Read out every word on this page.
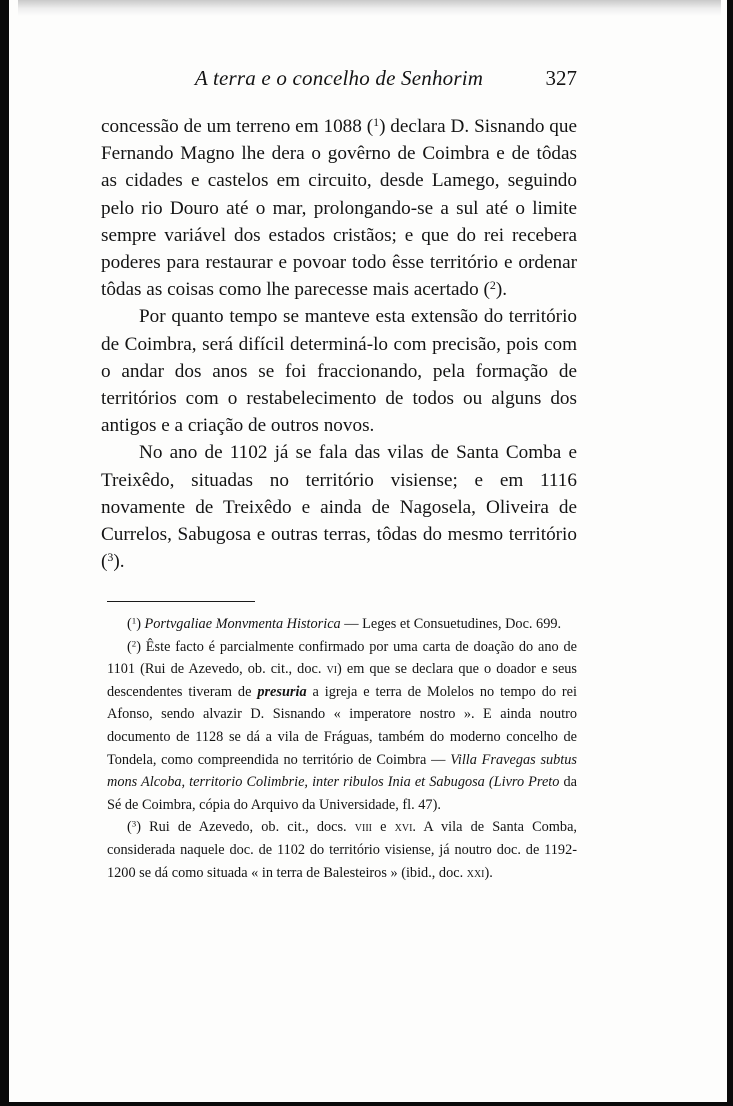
A terra e o concelho de Senhorim	327

concessão de um terreno em 1088 ($^1$) declara D. Sisnando que Fernando Magno lhe dera o govêrno de Coimbra e de tôdas as cidades e castelos em circuito, desde Lamego, seguindo pelo rio Douro até o mar, prolongando-se a sul até o limite sempre variável dos estados cristãos; e que do rei recebera poderes para restaurar e povoar todo êsse território e ordenar tôdas as coisas como lhe parecesse mais acertado ($^2$).

Por quanto tempo se manteve esta extensão do território de Coimbra, será difícil determiná-lo com precisão, pois com o andar dos anos se foi fraccionando, pela formação de territórios com o restabelecimento de todos ou alguns dos antigos e a criação de outros novos.

No ano de 1102 já se fala das vilas de Santa Comba e Treixêdo, situadas no território visiense; e em 1116 novamente de Treixêdo e ainda de Nagosela, Oliveira de Currelos, Sabugosa e outras terras, tôdas do mesmo território ($^3$).

($^1$) Portvgaliae Monvmenta Historica — Leges et Consuetudines, Doc. 699.

($^2$) Êste facto é parcialmente confirmado por uma carta de doação do ano de 1101 (Rui de Azevedo, ob. cit., doc. vi) em que se declara que o doador e seus descendentes tiveram de presuria a igreja e terra de Molelos no tempo do rei Afonso, sendo alvazir D. Sisnando « imperatore nostro ». E ainda noutro documento de 1128 se dá a vila de Fráguas, também do moderno concelho de Tondela, como compreendida no território de Coimbra — Villa Fravegas subtus mons Alcoba, territorio Colimbrie, inter ribulos Inia et Sabugosa (Livro Preto da Sé de Coimbra, cópia do Arquivo da Universidade, fl. 47).

($^3$) Rui de Azevedo, ob. cit., docs. viii e xvi. A vila de Santa Comba, considerada naquele doc. de 1102 do território visiense, já noutro doc. de 1192-1200 se dá como situada « in terra de Balesteiros » (ibid., doc. xxi).
